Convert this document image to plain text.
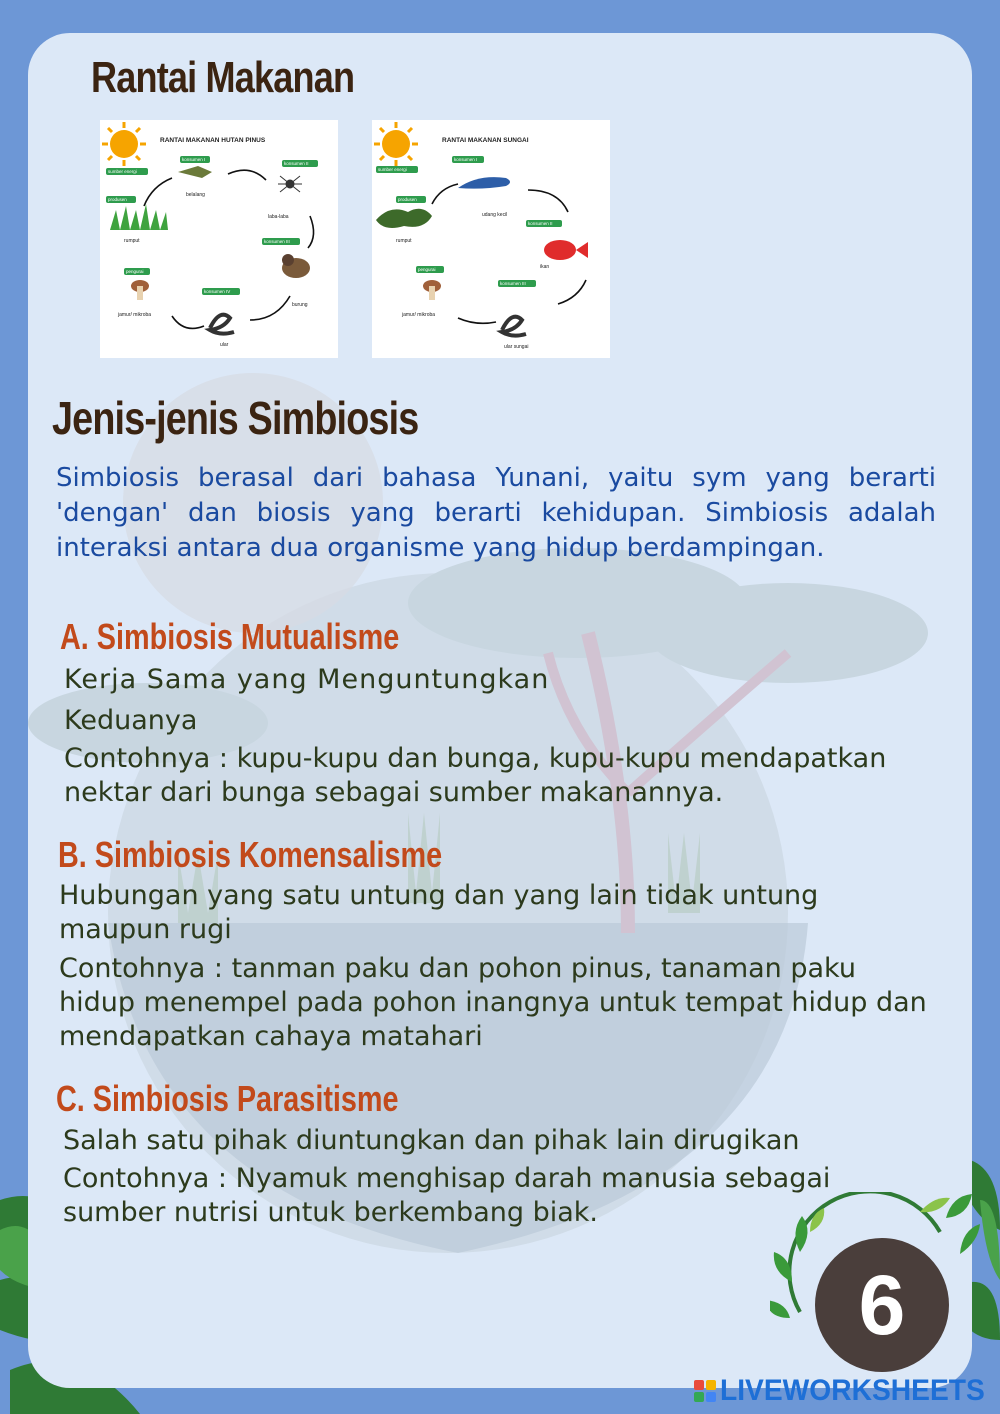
Rantai Makanan
RANTAI MAKANAN HUTAN PINUS
sumber energi
konsumen I
konsumen II
produsen
konsumen III
pengurai
konsumen IV
belalang
rumput
laba-laba
burung
jamur/ mikroba
ular
RANTAI MAKANAN SUNGAI
sumber energi
konsumen I
produsen
konsumen II
pengurai
konsumen III
udang kecil
rumput
ikan
jamur/ mikroba
ular sungai
Jenis-jenis Simbiosis

Simbiosis berasal dari bahasa Yunani, yaitu sym yang berarti 'dengan' dan biosis yang berarti kehidupan. Simbiosis adalah interaksi antara dua organisme yang hidup berdampingan.

A. Simbiosis Mutualisme

Kerja Sama yang Menguntungkan

Keduanya

Contohnya : kupu-kupu dan bunga, kupu-kupu mendapatkan nektar dari bunga sebagai sumber makanannya.

B. Simbiosis Komensalisme

Hubungan yang satu untung dan yang lain tidak untung maupun rugi

Contohnya : tanman paku dan pohon pinus, tanaman paku hidup menempel pada pohon inangnya untuk tempat hidup dan mendapatkan cahaya matahari

C. Simbiosis Parasitisme

Salah satu pihak diuntungkan dan pihak lain dirugikan

Contohnya : Nyamuk menghisap darah manusia sebagai sumber nutrisi untuk berkembang biak.

6
LIVEWORKSHEETS
